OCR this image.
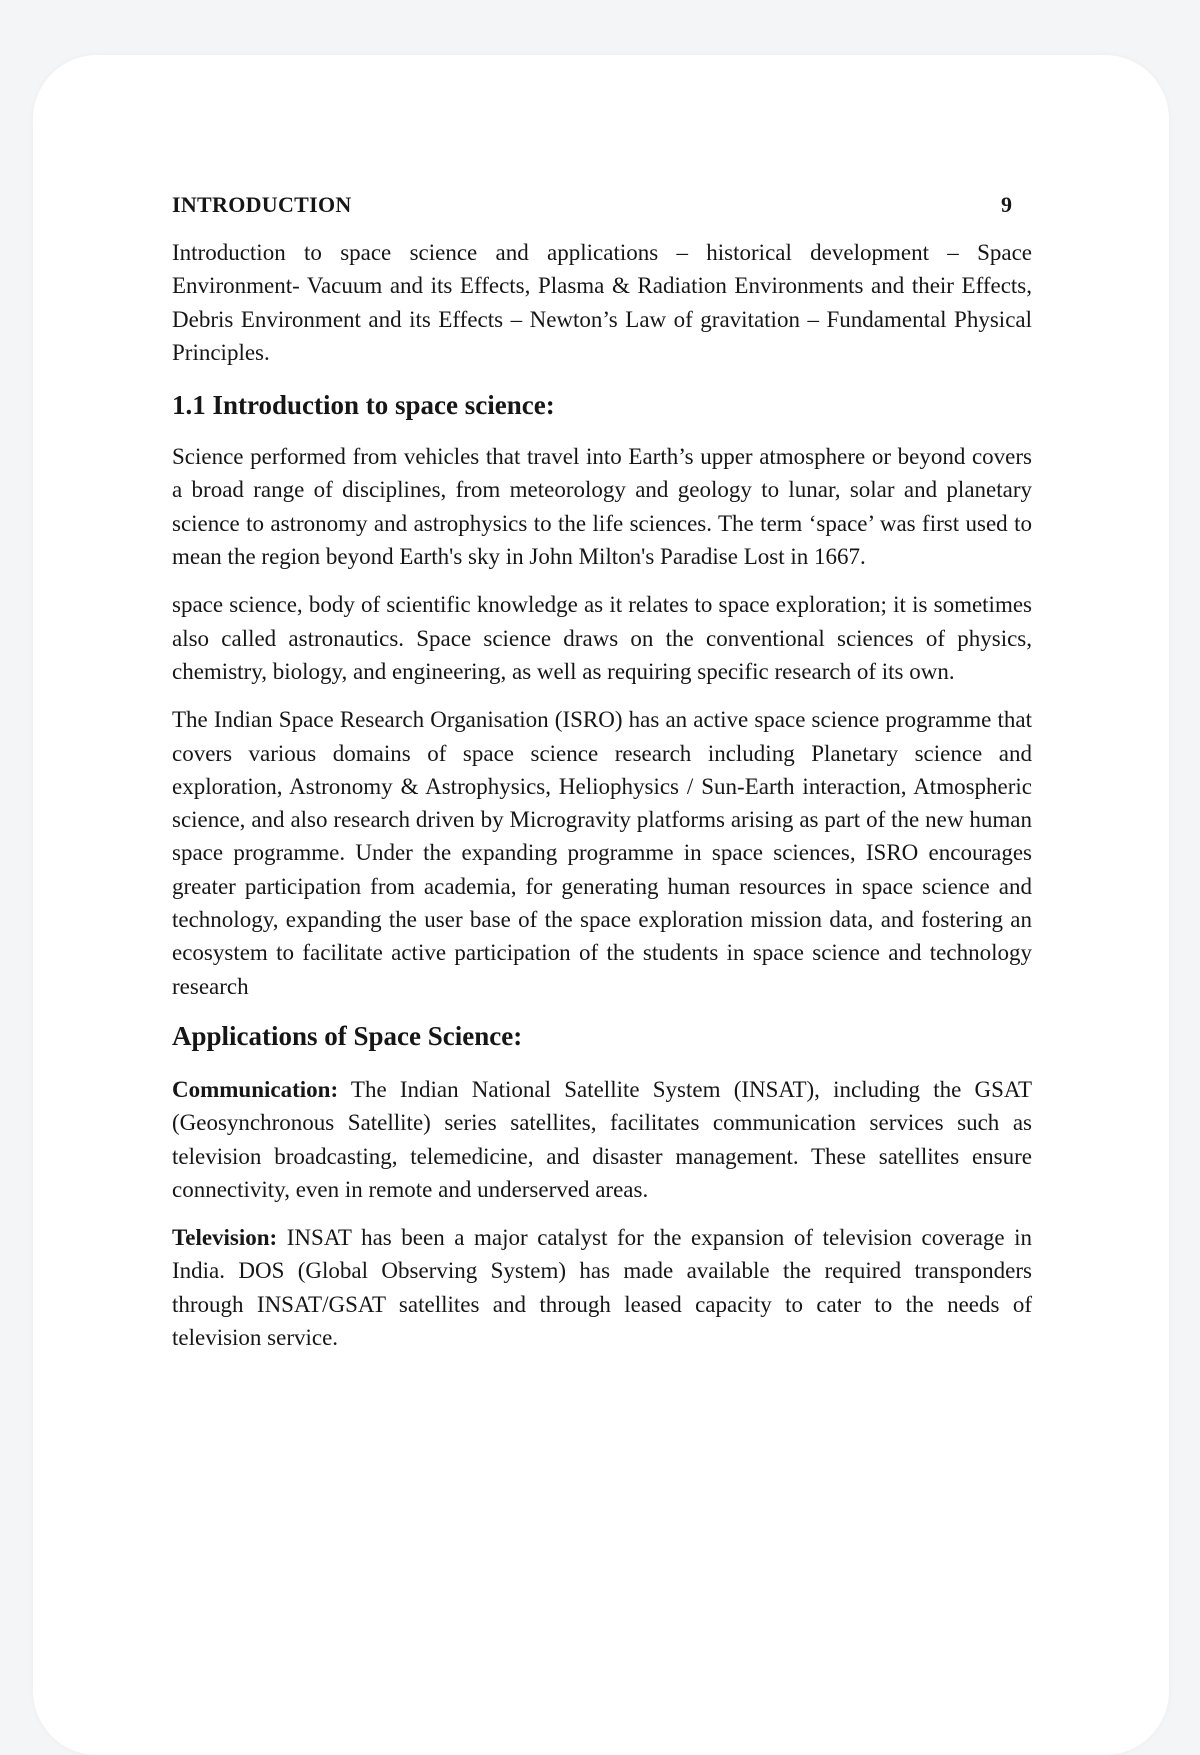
INTRODUCTION	9

Introduction to space science and applications – historical development – Space Environment- Vacuum and its Effects, Plasma & Radiation Environments and their Effects, Debris Environment and its Effects – Newton’s Law of gravitation – Fundamental Physical Principles.

1.1 Introduction to space science:

Science performed from vehicles that travel into Earth’s upper atmosphere or beyond covers a broad range of disciplines, from meteorology and geology to lunar, solar and planetary science to astronomy and astrophysics to the life sciences. The term ‘space’ was first used to mean the region beyond Earth's sky in John Milton's Paradise Lost in 1667.

space science, body of scientific knowledge as it relates to space exploration; it is sometimes also called astronautics. Space science draws on the conventional sciences of physics, chemistry, biology, and engineering, as well as requiring specific research of its own.

The Indian Space Research Organisation (ISRO) has an active space science programme that covers various domains of space science research including Planetary science and exploration, Astronomy & Astrophysics, Heliophysics / Sun-Earth interaction, Atmospheric science, and also research driven by Microgravity platforms arising as part of the new human space programme. Under the expanding programme in space sciences, ISRO encourages greater participation from academia, for generating human resources in space science and technology, expanding the user base of the space exploration mission data, and fostering an ecosystem to facilitate active participation of the students in space science and technology research

Applications of Space Science:

Communication: The Indian National Satellite System (INSAT), including the GSAT (Geosynchronous Satellite) series satellites, facilitates communication services such as television broadcasting, telemedicine, and disaster management. These satellites ensure connectivity, even in remote and underserved areas.

Television: INSAT has been a major catalyst for the expansion of television coverage in India. DOS (Global Observing System) has made available the required transponders through INSAT/GSAT satellites and through leased capacity to cater to the needs of television service.
